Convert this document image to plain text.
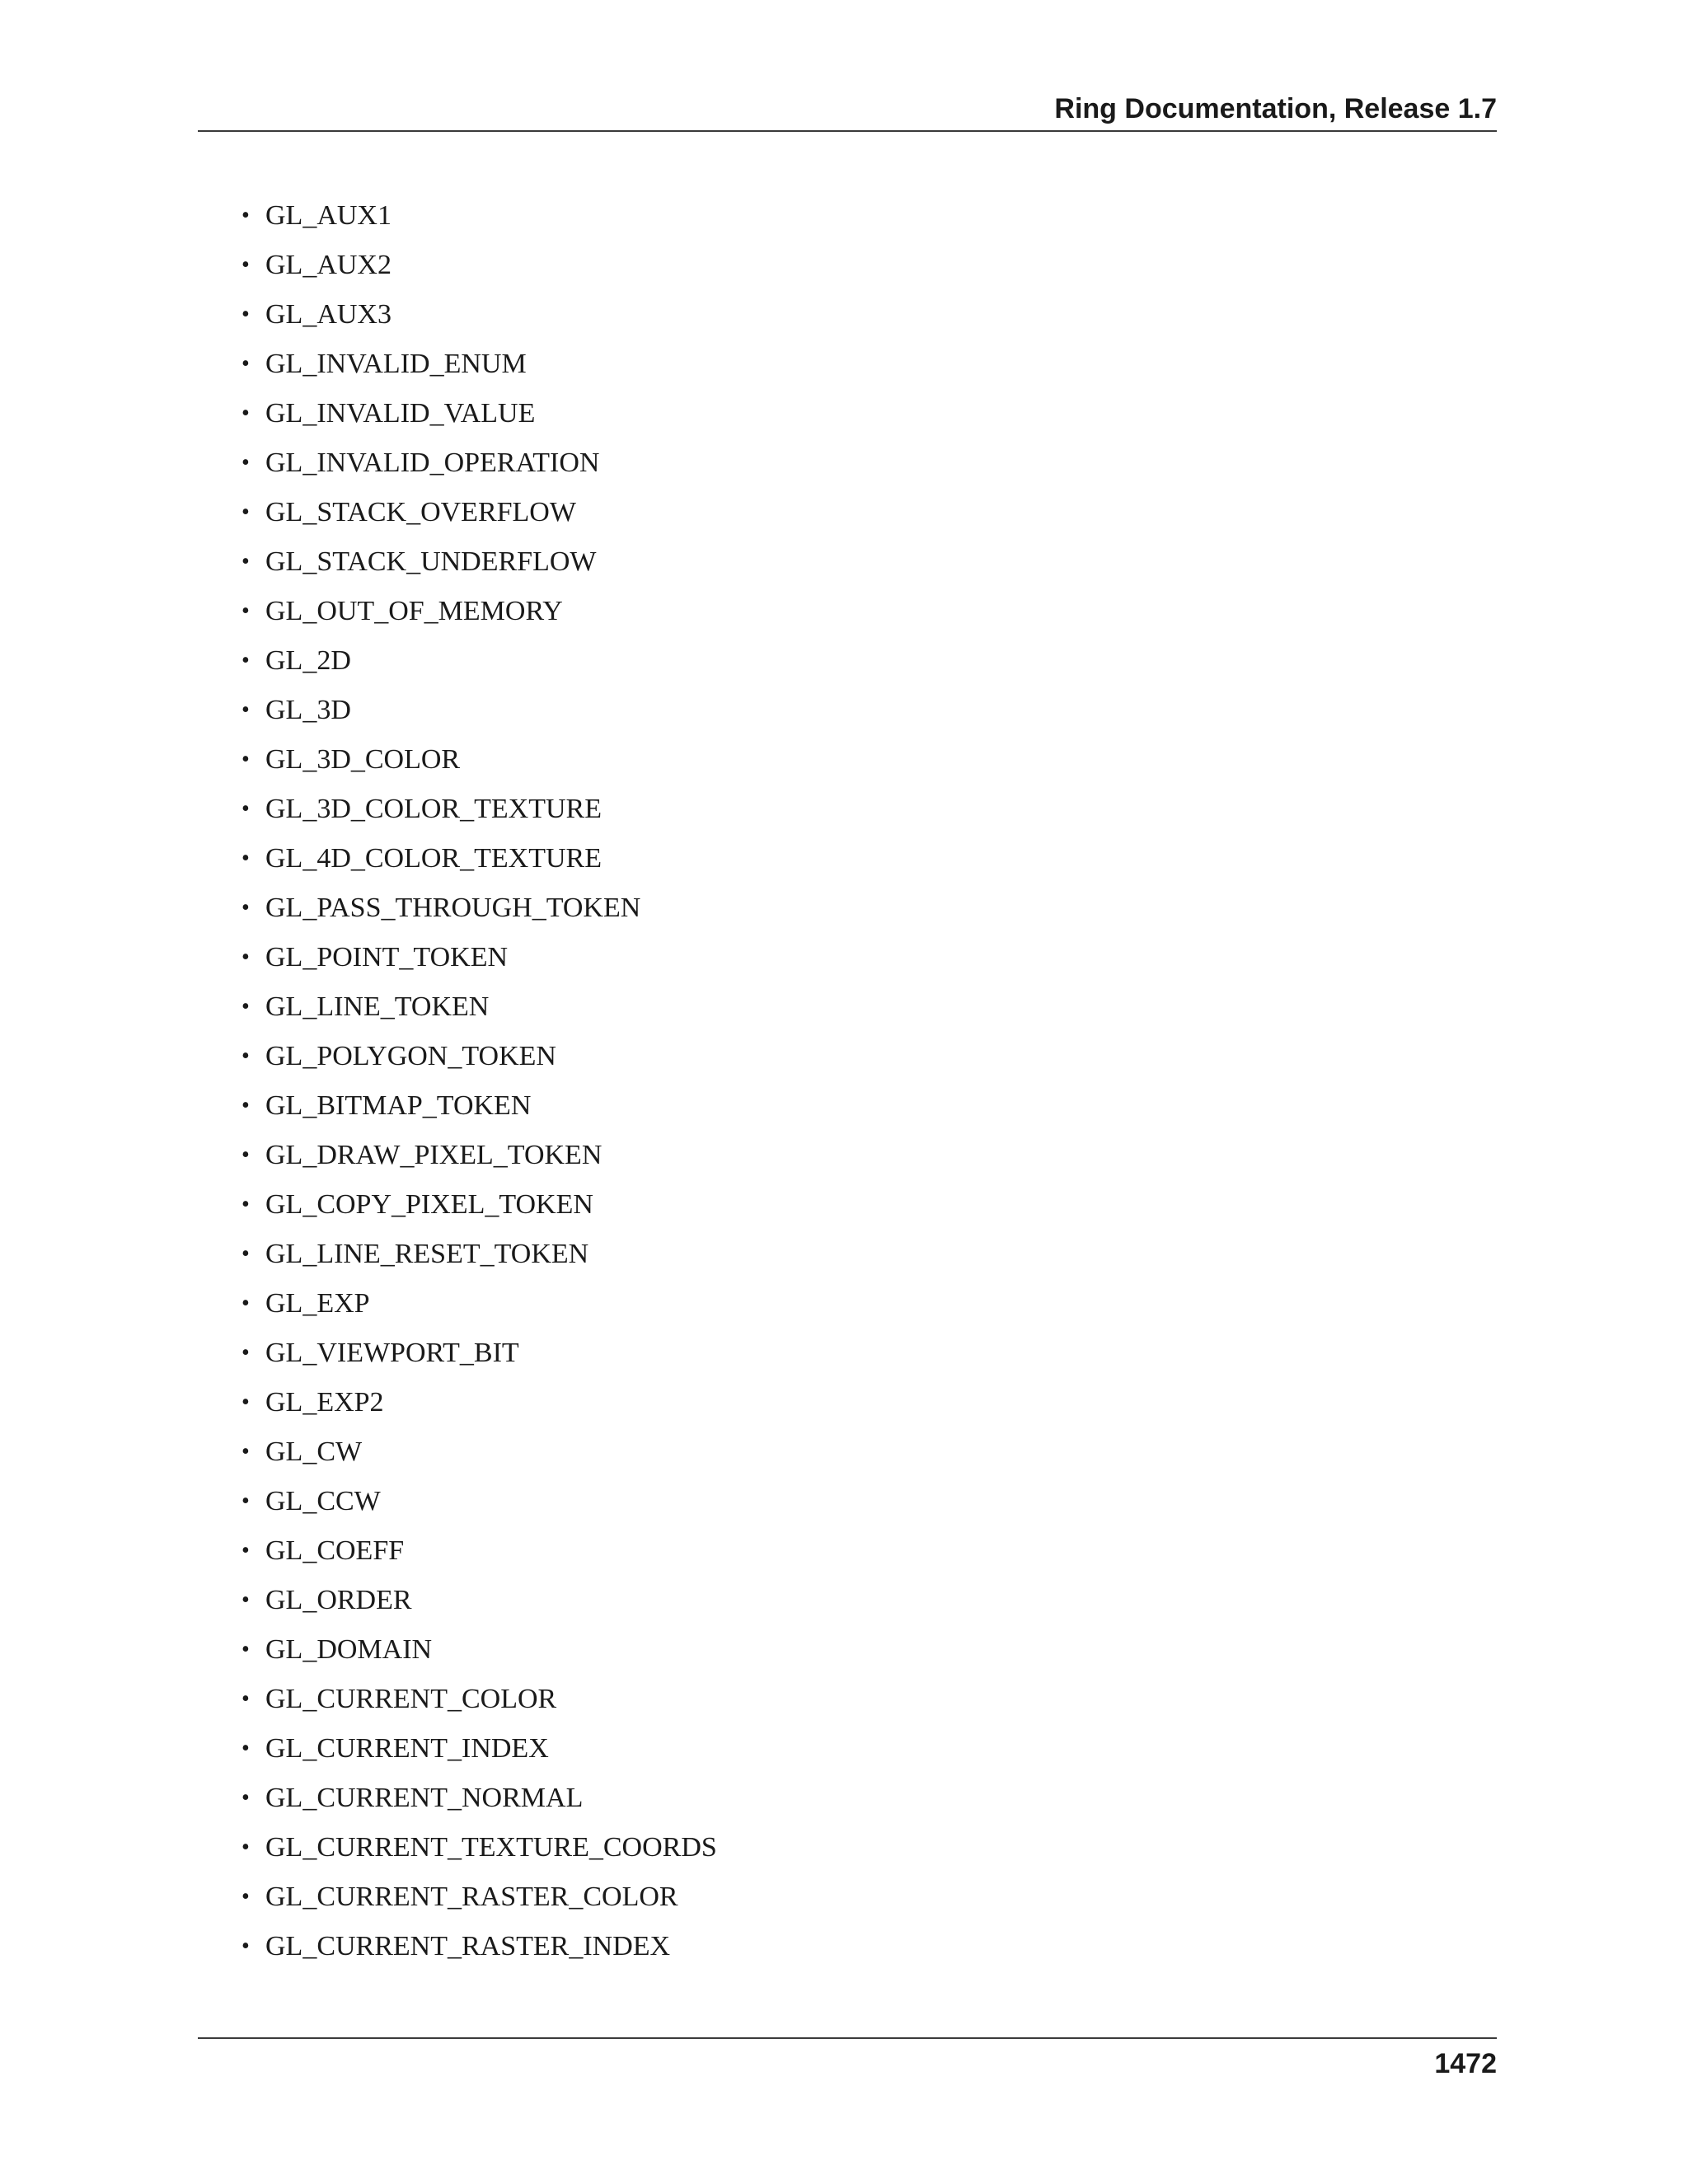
Ring Documentation, Release 1.7
• GL_AUX1
• GL_AUX2
• GL_AUX3
• GL_INVALID_ENUM
• GL_INVALID_VALUE
• GL_INVALID_OPERATION
• GL_STACK_OVERFLOW
• GL_STACK_UNDERFLOW
• GL_OUT_OF_MEMORY
• GL_2D
• GL_3D
• GL_3D_COLOR
• GL_3D_COLOR_TEXTURE
• GL_4D_COLOR_TEXTURE
• GL_PASS_THROUGH_TOKEN
• GL_POINT_TOKEN
• GL_LINE_TOKEN
• GL_POLYGON_TOKEN
• GL_BITMAP_TOKEN
• GL_DRAW_PIXEL_TOKEN
• GL_COPY_PIXEL_TOKEN
• GL_LINE_RESET_TOKEN
• GL_EXP
• GL_VIEWPORT_BIT
• GL_EXP2
• GL_CW
• GL_CCW
• GL_COEFF
• GL_ORDER
• GL_DOMAIN
• GL_CURRENT_COLOR
• GL_CURRENT_INDEX
• GL_CURRENT_NORMAL
• GL_CURRENT_TEXTURE_COORDS
• GL_CURRENT_RASTER_COLOR
• GL_CURRENT_RASTER_INDEX
1472
